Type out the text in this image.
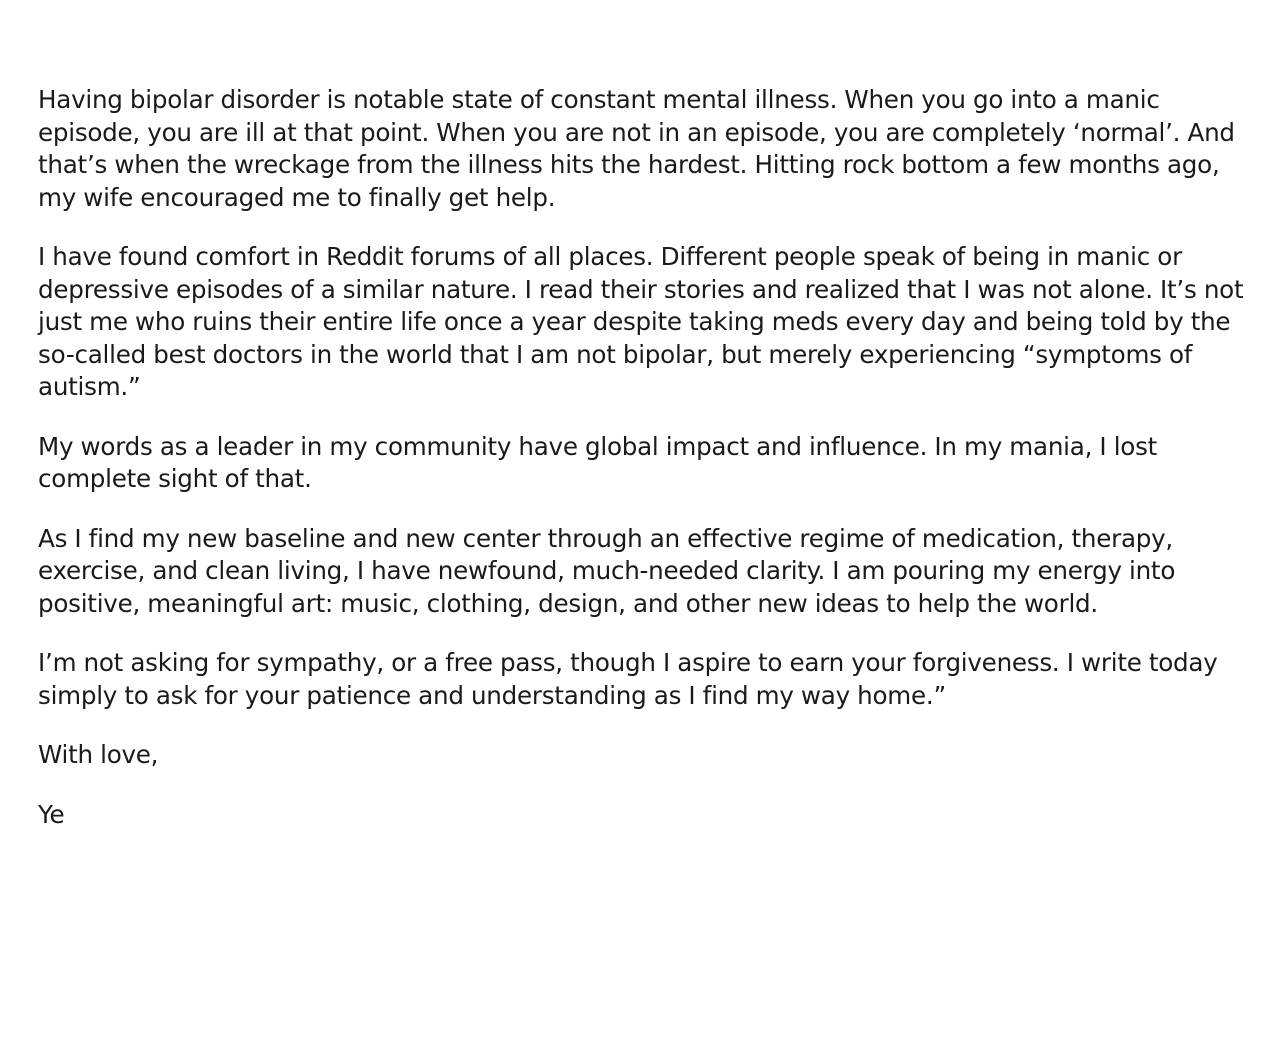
Having bipolar disorder is notable state of constant mental illness. When you go into a manic episode, you are ill at that point. When you are not in an episode, you are completely ‘normal’. And that’s when the wreckage from the illness hits the hardest. Hitting rock bottom a few months ago, my wife encouraged me to finally get help.

I have found comfort in Reddit forums of all places. Different people speak of being in manic or depressive episodes of a similar nature. I read their stories and realized that I was not alone. It’s not just me who ruins their entire life once a year despite taking meds every day and being told by the so-called best doctors in the world that I am not bipolar, but merely experiencing “symptoms of autism.”

My words as a leader in my community have global impact and influence. In my mania, I lost complete sight of that.

As I find my new baseline and new center through an effective regime of medication, therapy, exercise, and clean living, I have newfound, much-needed clarity. I am pouring my energy into positive, meaningful art: music, clothing, design, and other new ideas to help the world.

I’m not asking for sympathy, or a free pass, though I aspire to earn your forgiveness. I write today simply to ask for your patience and understanding as I find my way home.”

With love,

Ye
